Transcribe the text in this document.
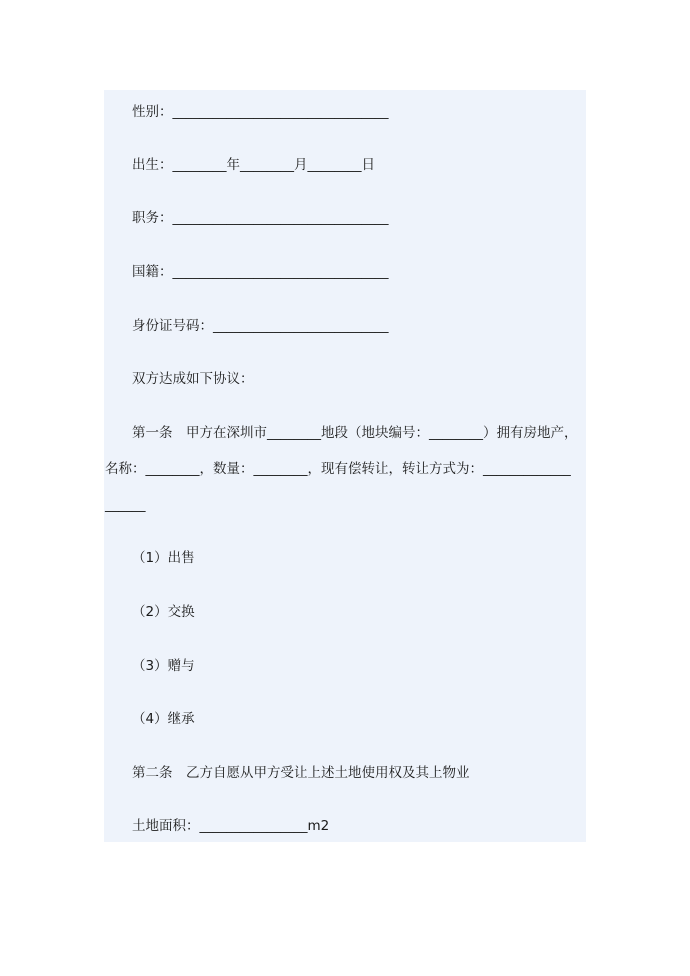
性别：________________________________

出生：________年________月________日

职务：________________________________

国籍：________________________________

身份证号码：__________________________

双方达成如下协议：

第一条　甲方在深圳市________地段（地块编号：________）拥有房地产，

名称：________，数量：________，现有偿转让，转让方式为：_____________

______

（1）出售

（2）交换

（3）赠与

（4）继承

第二条　乙方自愿从甲方受让上述土地使用权及其上物业

土地面积：________________m2
